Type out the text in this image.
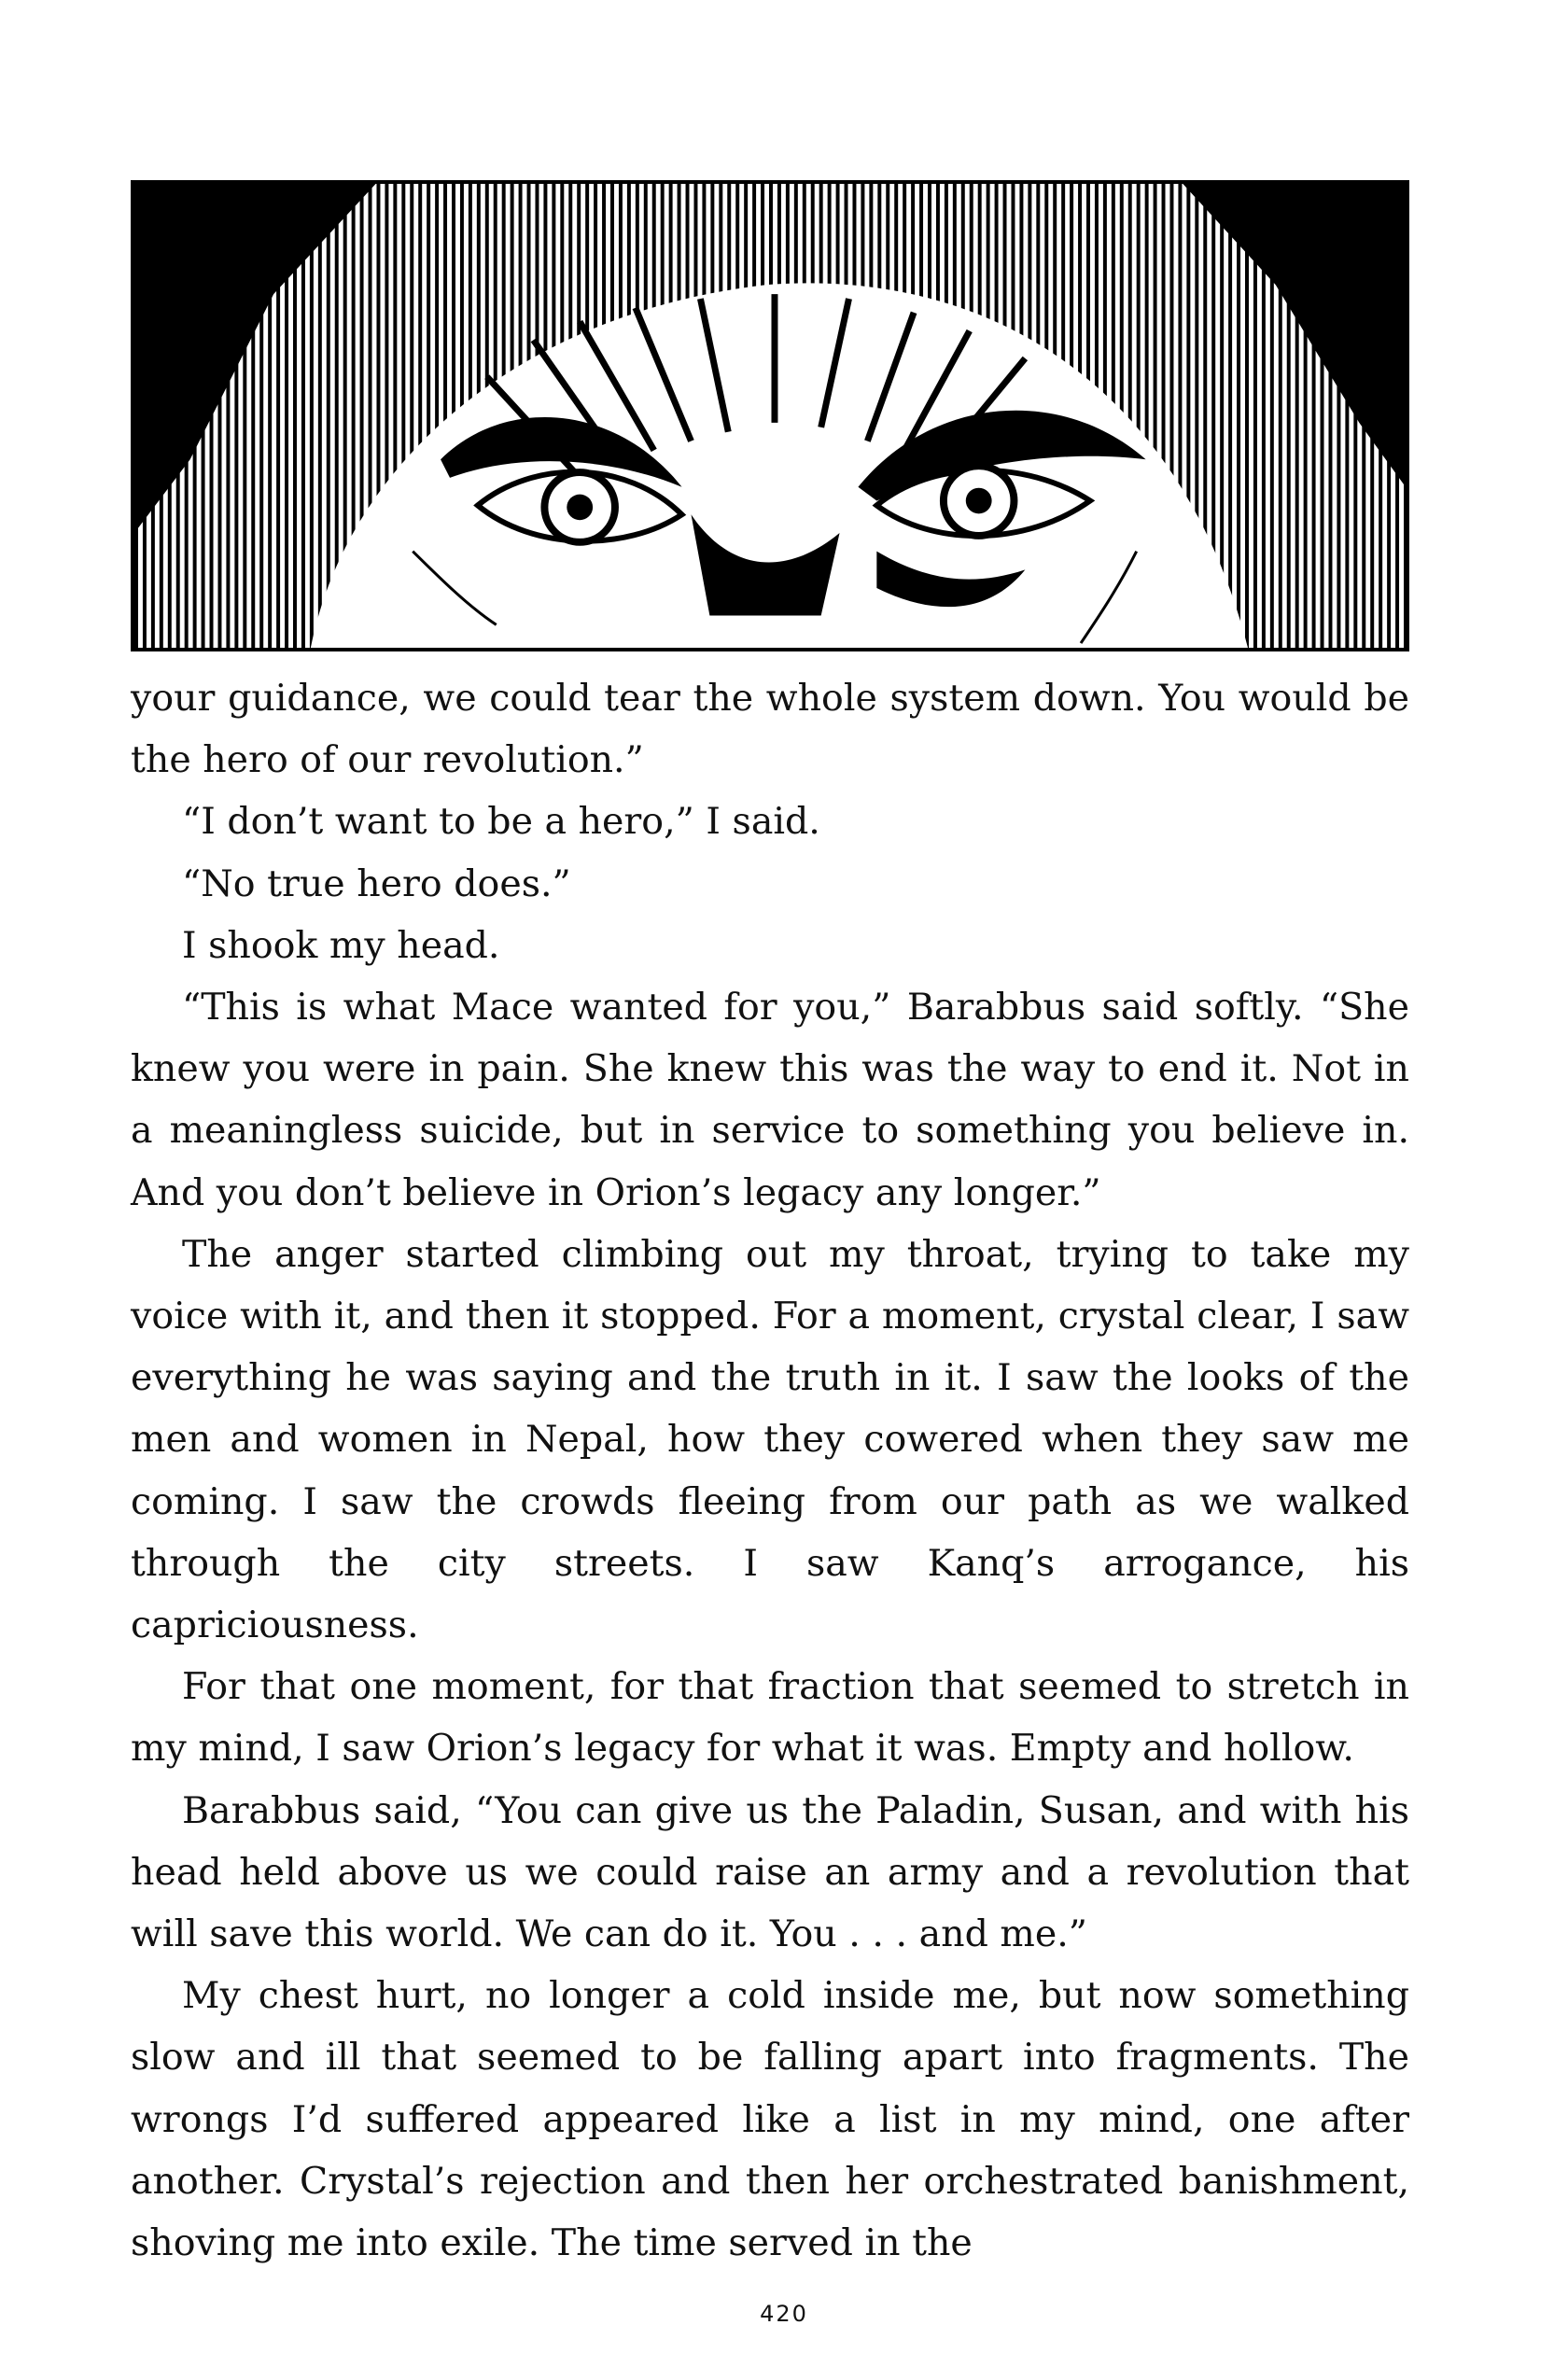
your guidance, we could tear the whole system down. You would be the hero of our revolution.”

“I don’t want to be a hero,” I said.

“No true hero does.”

I shook my head.

“This is what Mace wanted for you,” Barabbus said softly. “She knew you were in pain. She knew this was the way to end it. Not in a meaningless suicide, but in service to something you believe in. And you don’t believe in Orion’s legacy any longer.”

The anger started climbing out my throat, trying to take my voice with it, and then it stopped. For a moment, crystal clear, I saw everything he was saying and the truth in it. I saw the looks of the men and women in Nepal, how they cowered when they saw me coming. I saw the crowds fleeing from our path as we walked through the city streets. I saw Kanq’s arrogance, his capriciousness.

For that one moment, for that fraction that seemed to stretch in my mind, I saw Orion’s legacy for what it was. Empty and hollow.

Barabbus said, “You can give us the Paladin, Susan, and with his head held above us we could raise an army and a revolution that will save this world. We can do it. You . . . and me.”

My chest hurt, no longer a cold inside me, but now something slow and ill that seemed to be falling apart into fragments. The wrongs I’d suffered appeared like a list in my mind, one after another. Crystal’s rejection and then her orchestrated banishment, shoving me into exile. The time served in the

420
